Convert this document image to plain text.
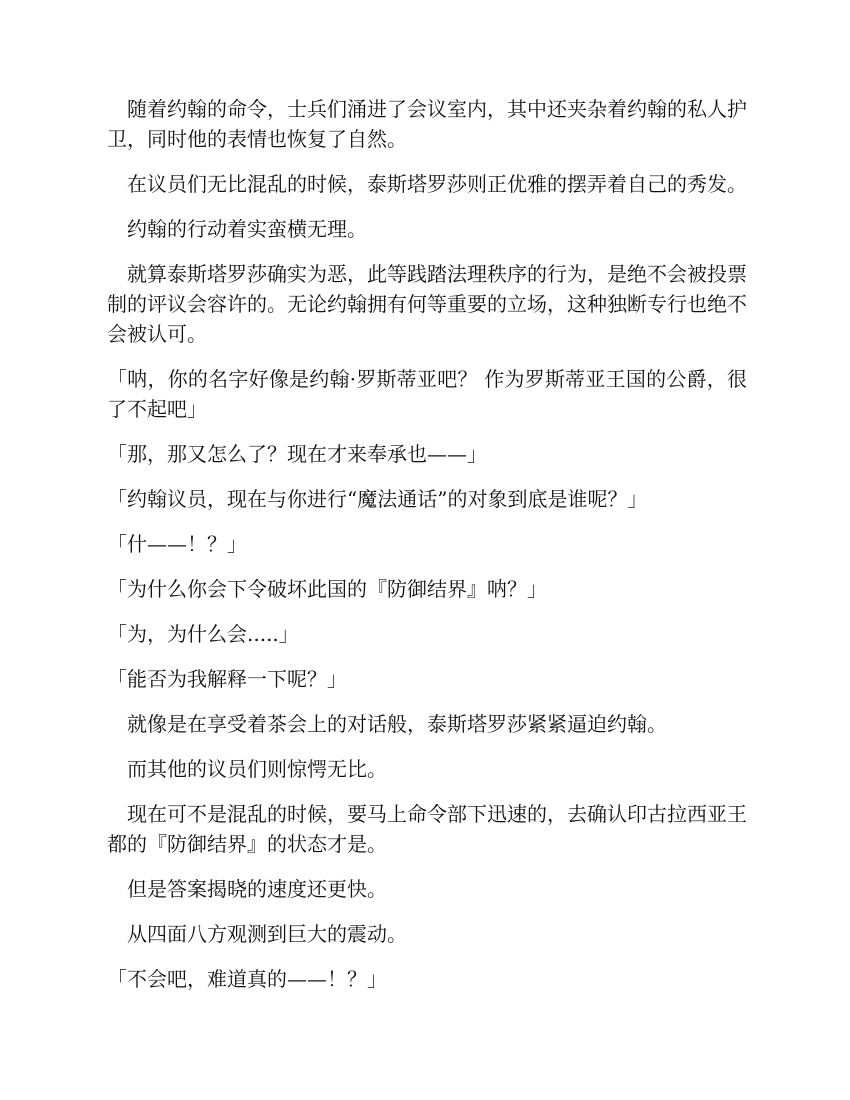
随着约翰的命令，士兵们涌进了会议室内，其中还夹杂着约翰的私人护卫，同时他的表情也恢复了自然。

在议员们无比混乱的时候，泰斯塔罗莎则正优雅的摆弄着自己的秀发。

约翰的行动着实蛮横无理。

就算泰斯塔罗莎确实为恶，此等践踏法理秩序的行为，是绝不会被投票制的评议会容许的。无论约翰拥有何等重要的立场，这种独断专行也绝不会被认可。

「呐，你的名字好像是约翰·罗斯蒂亚吧？ 作为罗斯蒂亚王国的公爵，很了不起吧」

「那，那又怎么了？现在才来奉承也——」

「约翰议员，现在与你进行“魔法通话”的对象到底是谁呢？」

「什——！？」

「为什么你会下令破坏此国的『防御结界』呐？」

「为，为什么会.....」

「能否为我解释一下呢？」

就像是在享受着茶会上的对话般，泰斯塔罗莎紧紧逼迫约翰。

而其他的议员们则惊愕无比。

现在可不是混乱的时候，要马上命令部下迅速的，去确认印古拉西亚王都的『防御结界』的状态才是。

但是答案揭晓的速度还更快。

从四面八方观测到巨大的震动。

「不会吧，难道真的——！？」
